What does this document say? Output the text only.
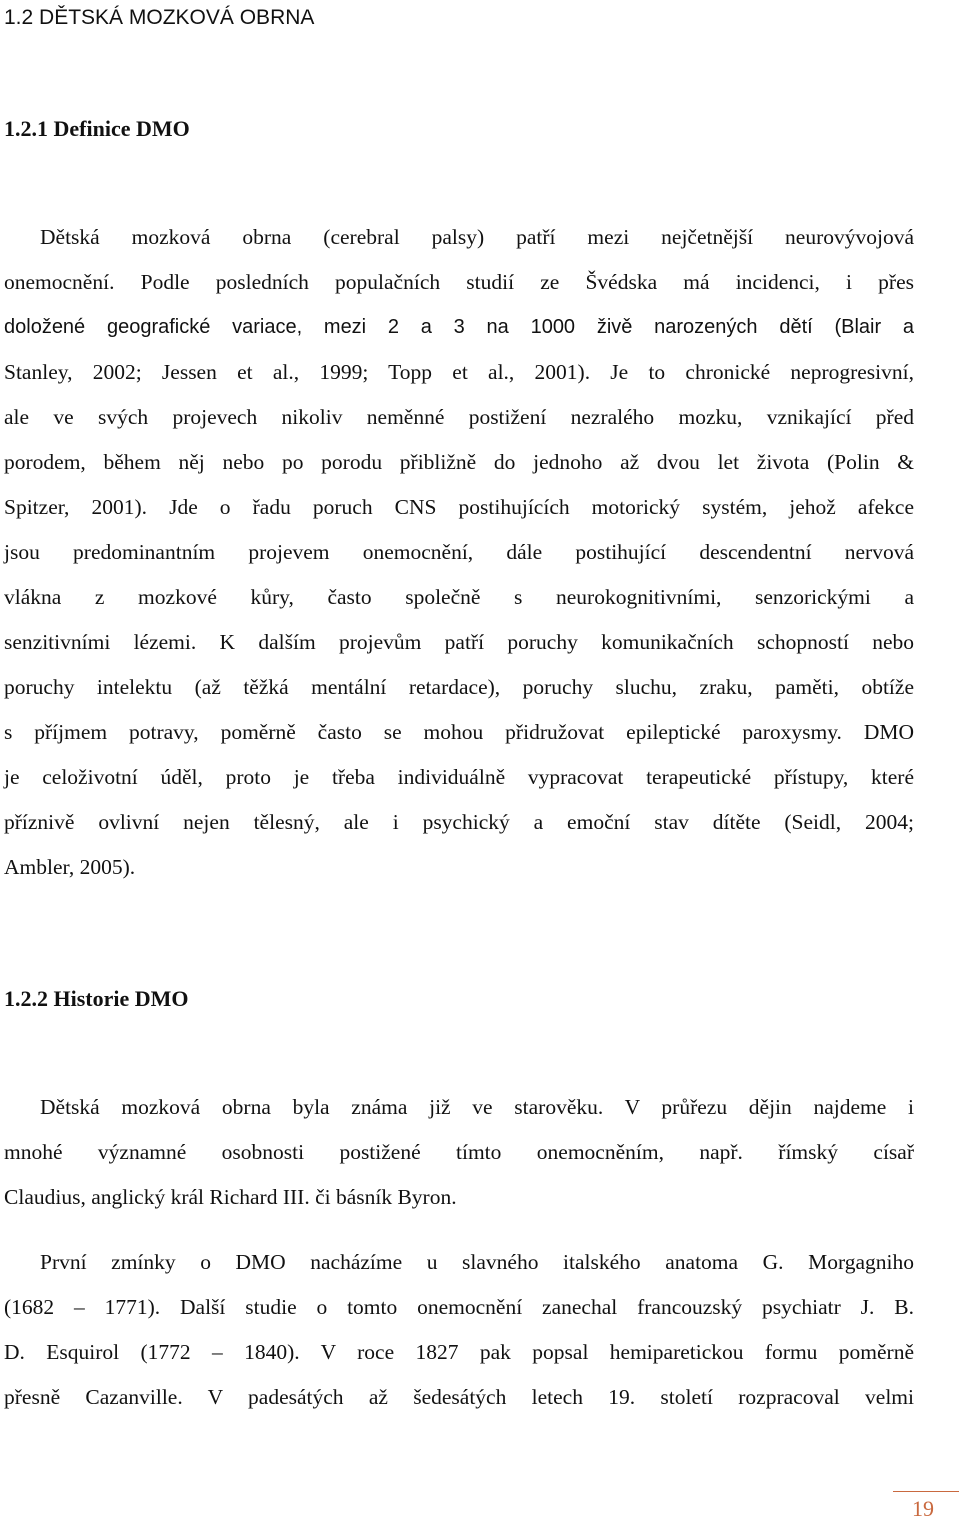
1.2 DĚTSKÁ MOZKOVÁ OBRNA
1.2.1 Definice DMO
Dětská mozková obrna (cerebral palsy) patří mezi nejčetnější neurovývojová
onemocnění. Podle posledních populačních studií ze Švédska má incidenci, i přes
doložené geografické variace, mezi 2 a 3 na 1000 živě narozených dětí (Blair a
Stanley, 2002; Jessen et al., 1999; Topp et al., 2001). Je to chronické neprogresivní,
ale ve svých projevech nikoliv neměnné postižení nezralého mozku, vznikající před
porodem, během něj nebo po porodu přibližně do jednoho až dvou let života (Polin &
Spitzer, 2001). Jde o řadu poruch CNS postihujících motorický systém, jehož afekce
jsou predominantním projevem onemocnění, dále postihující descendentní nervová
vlákna z mozkové kůry, často společně s neurokognitivními, senzorickými a
senzitivními lézemi. K dalším projevům patří poruchy komunikačních schopností nebo
poruchy intelektu (až těžká mentální retardace), poruchy sluchu, zraku, paměti, obtíže
s příjmem potravy, poměrně často se mohou přidružovat epileptické paroxysmy. DMO
je celoživotní úděl, proto je třeba individuálně vypracovat terapeutické přístupy, které
příznivě ovlivní nejen tělesný, ale i psychický a emoční stav dítěte (Seidl, 2004;
Ambler, 2005).
1.2.2 Historie DMO
Dětská mozková obrna byla známa již ve starověku. V průřezu dějin najdeme i
mnohé významné osobnosti postižené tímto onemocněním, např. římský císař
Claudius, anglický král Richard III. či básník Byron.
První zmínky o DMO nacházíme u slavného italského anatoma G. Morgagniho
(1682 – 1771). Další studie o tomto onemocnění zanechal francouzský psychiatr J. B.
D. Esquirol (1772 – 1840). V roce 1827 pak popsal hemiparetickou formu poměrně
přesně Cazanville. V padesátých až šedesátých letech 19. století rozpracoval velmi
19
